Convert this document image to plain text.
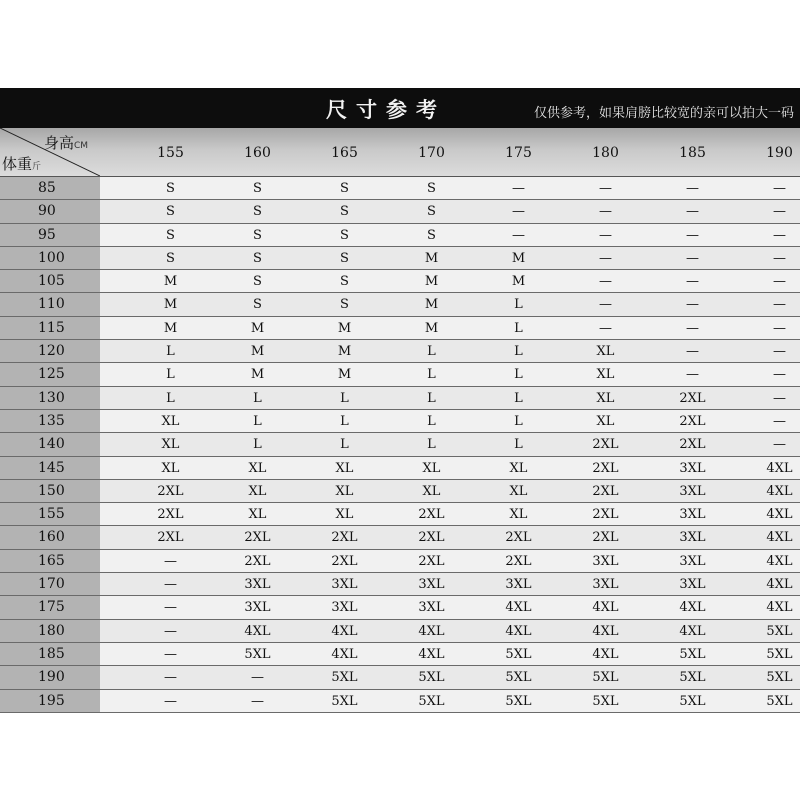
尺寸参考	仅供参考，如果肩膀比较宽的亲可以拍大一码
身高CM
体重斤
155	160	165	170	175	180	185	190
85	S	S	S	S	—	—	—	—
90	S	S	S	S	—	—	—	—
95	S	S	S	S	—	—	—	—
100	S	S	S	M	M	—	—	—
105	M	S	S	M	M	—	—	—
110	M	S	S	M	L	—	—	—
115	M	M	M	M	L	—	—	—
120	L	M	M	L	L	XL	—	—
125	L	M	M	L	L	XL	—	—
130	L	L	L	L	L	XL	2XL	—
135	XL	L	L	L	L	XL	2XL	—
140	XL	L	L	L	L	2XL	2XL	—
145	XL	XL	XL	XL	XL	2XL	3XL	4XL
150	2XL	XL	XL	XL	XL	2XL	3XL	4XL
155	2XL	XL	XL	2XL	XL	2XL	3XL	4XL
160	2XL	2XL	2XL	2XL	2XL	2XL	3XL	4XL
165	—	2XL	2XL	2XL	2XL	3XL	3XL	4XL
170	—	3XL	3XL	3XL	3XL	3XL	3XL	4XL
175	—	3XL	3XL	3XL	4XL	4XL	4XL	4XL
180	—	4XL	4XL	4XL	4XL	4XL	4XL	5XL
185	—	5XL	4XL	4XL	5XL	4XL	5XL	5XL
190	—	—	5XL	5XL	5XL	5XL	5XL	5XL
195	—	—	5XL	5XL	5XL	5XL	5XL	5XL
